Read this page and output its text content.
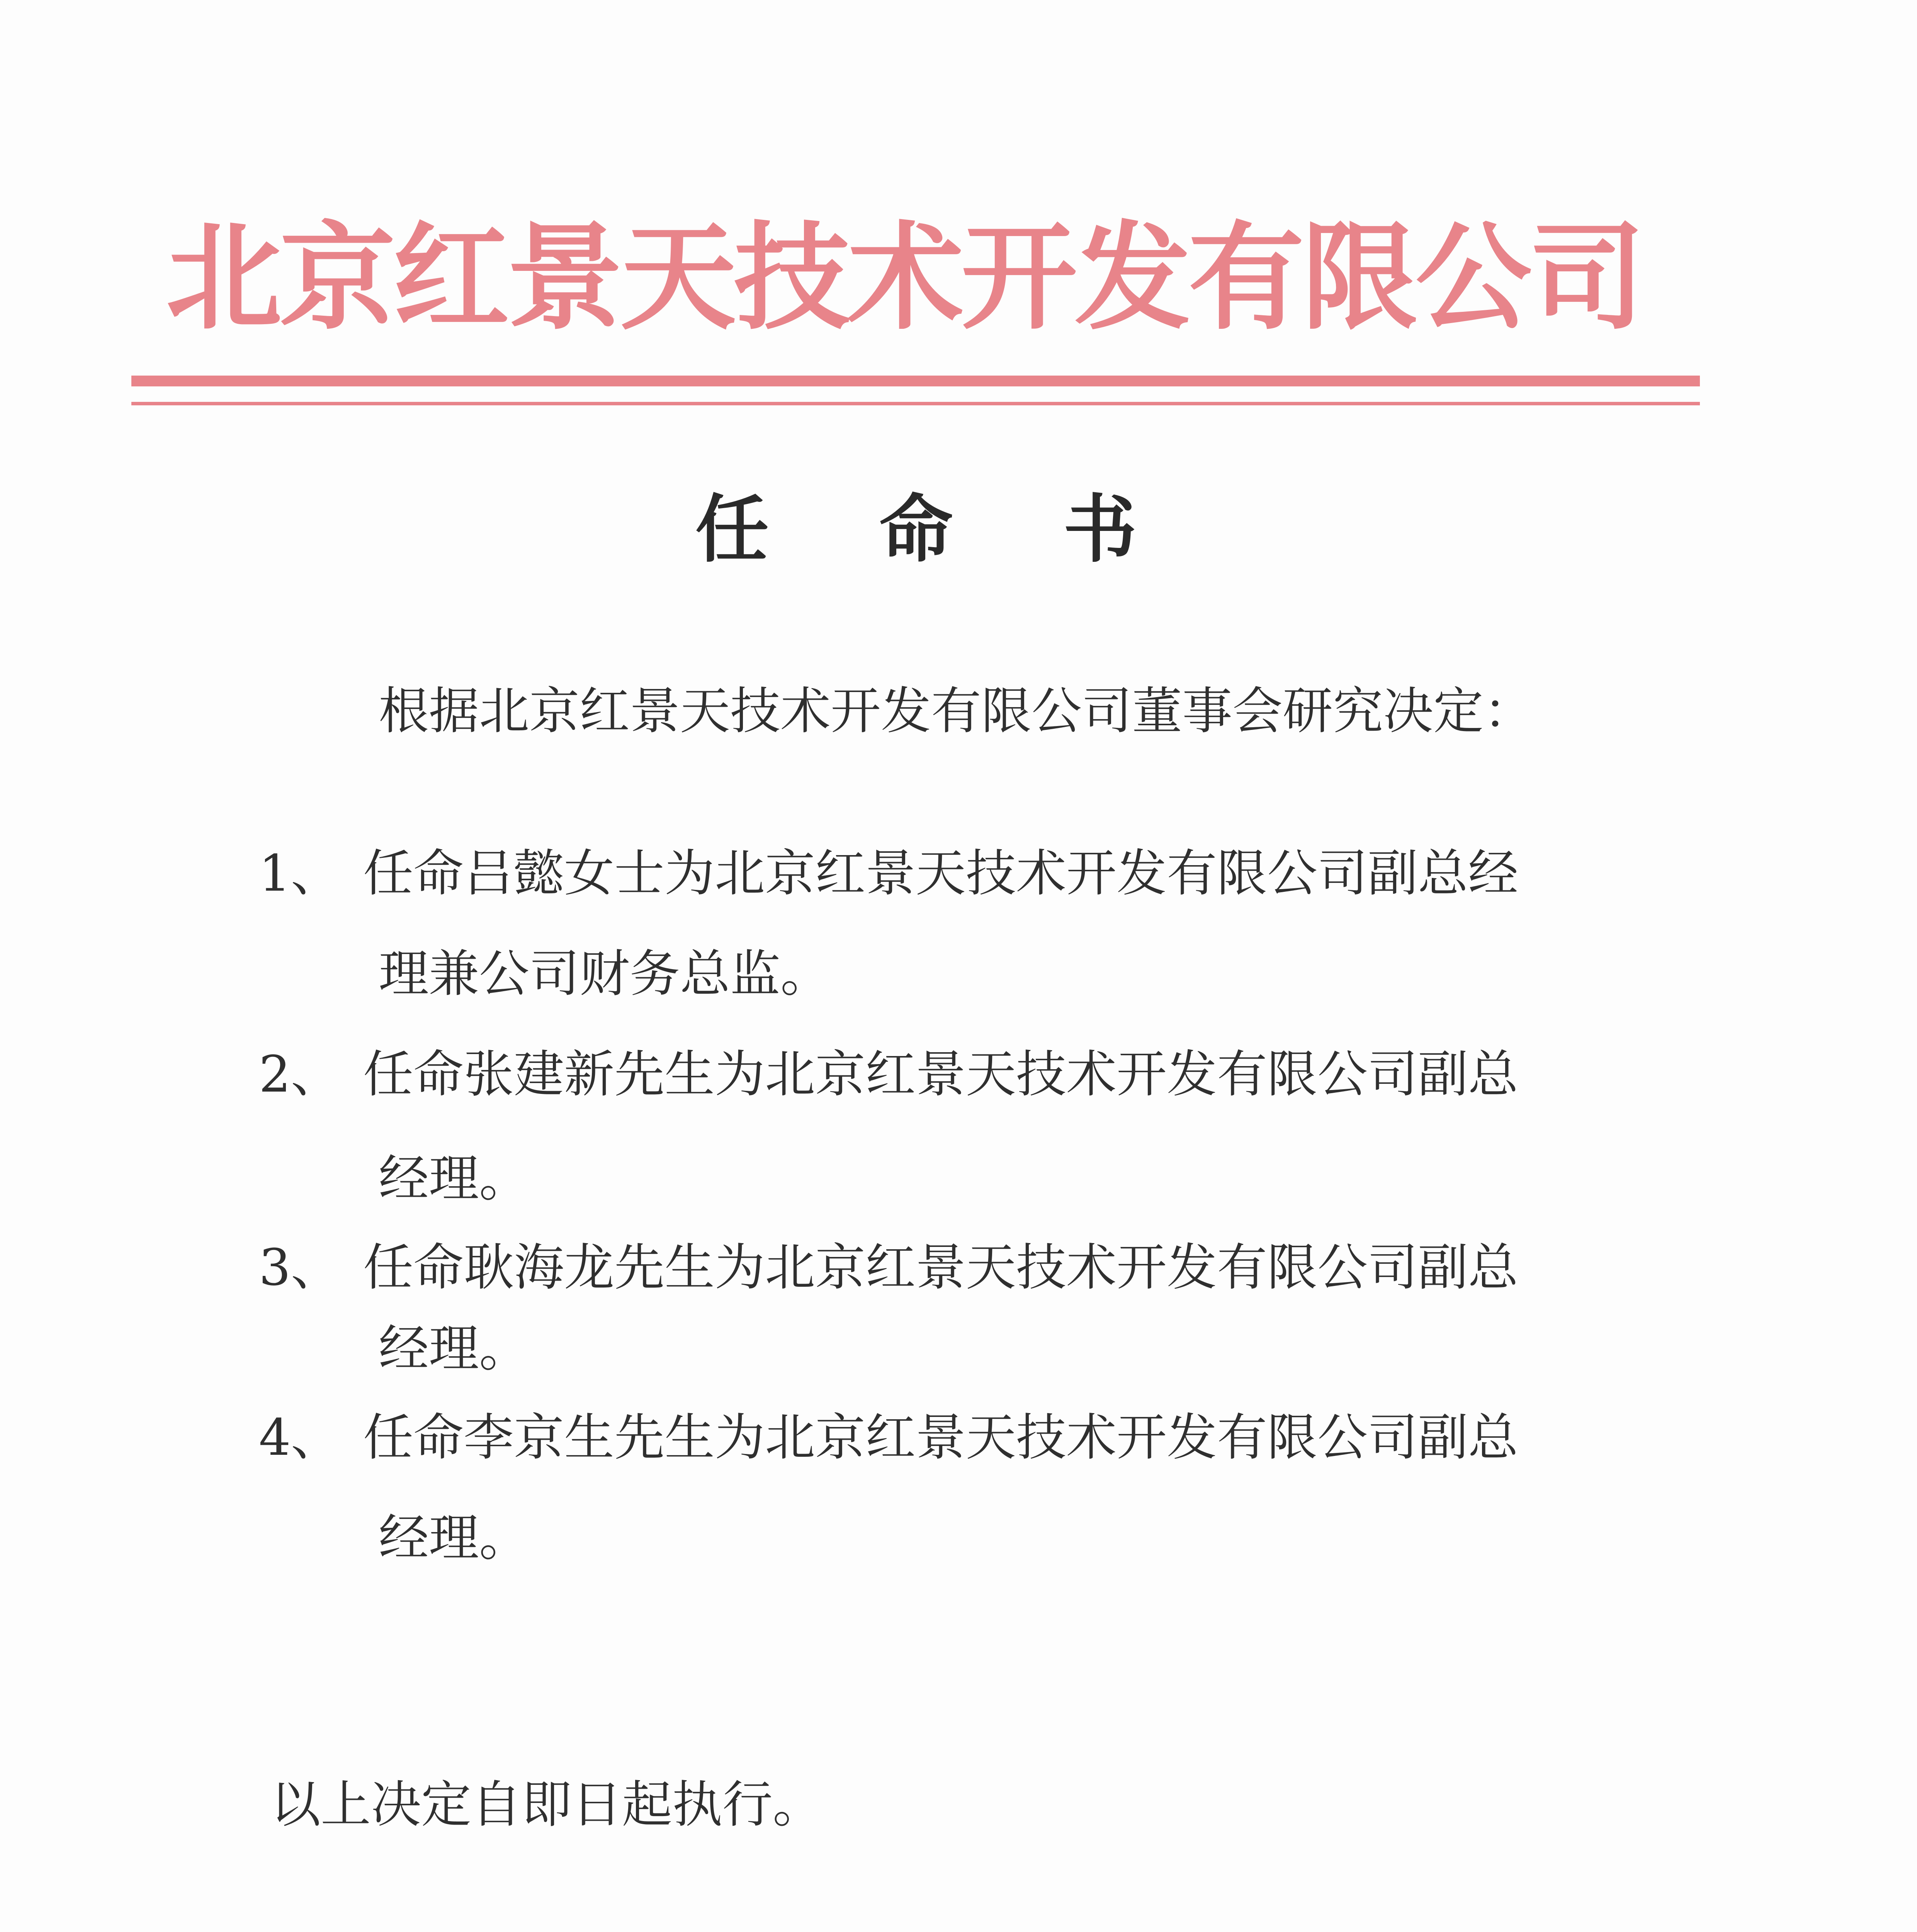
北京红景天技术开发有限公司
任 命 书
根据北京红景天技术开发有限公司董事会研究决定：
1、 任命吕懿女士为北京红景天技术开发有限公司副总经
理兼公司财务总监。
2、 任命张建新先生为北京红景天技术开发有限公司副总
经理。
3、 任命耿海龙先生为北京红景天技术开发有限公司副总
经理。
4、 任命李京生先生为北京红景天技术开发有限公司副总
经理。
以上决定自即日起执行。
